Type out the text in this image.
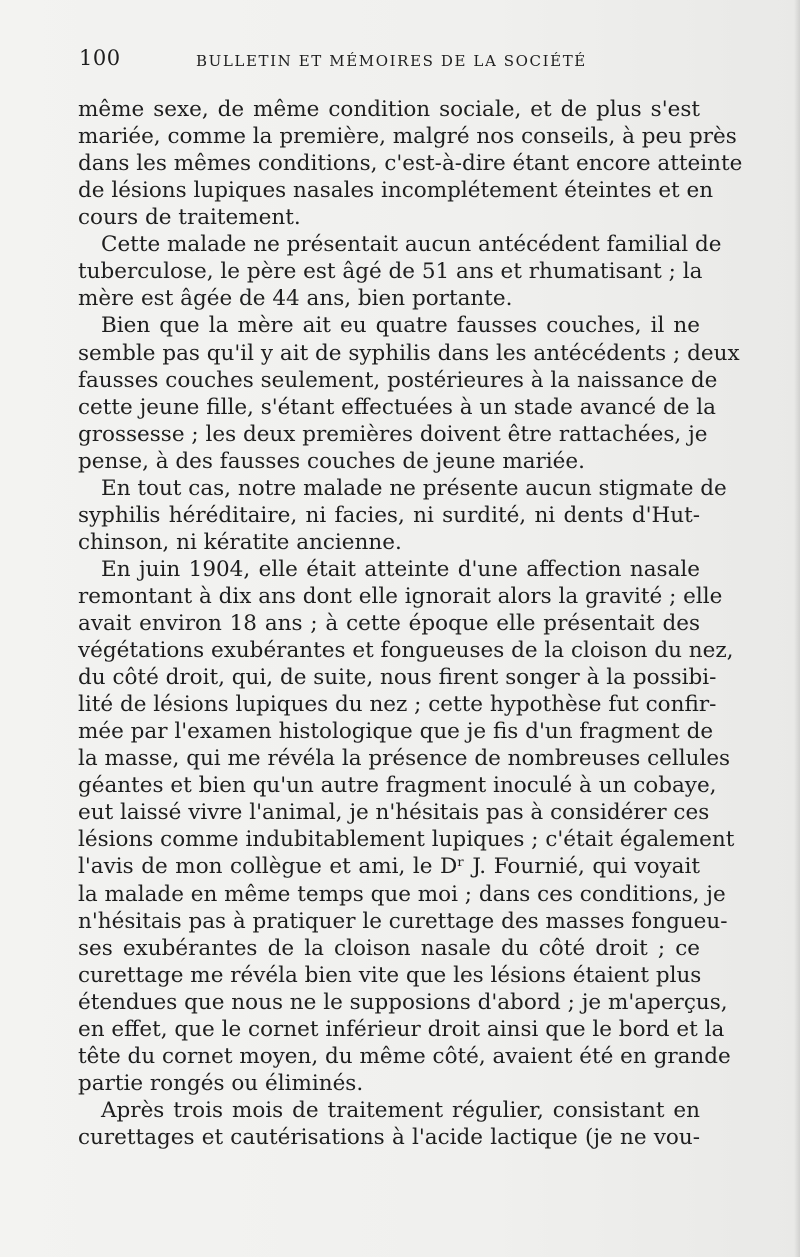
100	BULLETIN ET MÉMOIRES DE LA SOCIÉTÉ
même sexe, de même condition sociale, et de plus s'est
mariée, comme la première, malgré nos conseils, à peu près
dans les mêmes conditions, c'est-à-dire étant encore atteinte
de lésions lupiques nasales incomplétement éteintes et en
cours de traitement.
Cette malade ne présentait aucun antécédent familial de
tuberculose, le père est âgé de 51 ans et rhumatisant ; la
mère est âgée de 44 ans, bien portante.
Bien que la mère ait eu quatre fausses couches, il ne
semble pas qu'il y ait de syphilis dans les antécédents ; deux
fausses couches seulement, postérieures à la naissance de
cette jeune fille, s'étant effectuées à un stade avancé de la
grossesse ; les deux premières doivent être rattachées, je
pense, à des fausses couches de jeune mariée.
En tout cas, notre malade ne présente aucun stigmate de
syphilis héréditaire, ni facies, ni surdité, ni dents d'Hut-
chinson, ni kératite ancienne.
En juin 1904, elle était atteinte d'une affection nasale
remontant à dix ans dont elle ignorait alors la gravité ; elle
avait environ 18 ans ; à cette époque elle présentait des
végétations exubérantes et fongueuses de la cloison du nez,
du côté droit, qui, de suite, nous firent songer à la possibi-
lité de lésions lupiques du nez ; cette hypothèse fut confir-
mée par l'examen histologique que je fis d'un fragment de
la masse, qui me révéla la présence de nombreuses cellules
géantes et bien qu'un autre fragment inoculé à un cobaye,
eut laissé vivre l'animal, je n'hésitais pas à considérer ces
lésions comme indubitablement lupiques ; c'était également
l'avis de mon collègue et ami, le Dʳ J. Fournié, qui voyait
la malade en même temps que moi ; dans ces conditions, je
n'hésitais pas à pratiquer le curettage des masses fongueu-
ses exubérantes de la cloison nasale du côté droit ; ce
curettage me révéla bien vite que les lésions étaient plus
étendues que nous ne le supposions d'abord ; je m'aperçus,
en effet, que le cornet inférieur droit ainsi que le bord et la
tête du cornet moyen, du même côté, avaient été en grande
partie rongés ou éliminés.
Après trois mois de traitement régulier, consistant en
curettages et cautérisations à l'acide lactique (je ne vou-
